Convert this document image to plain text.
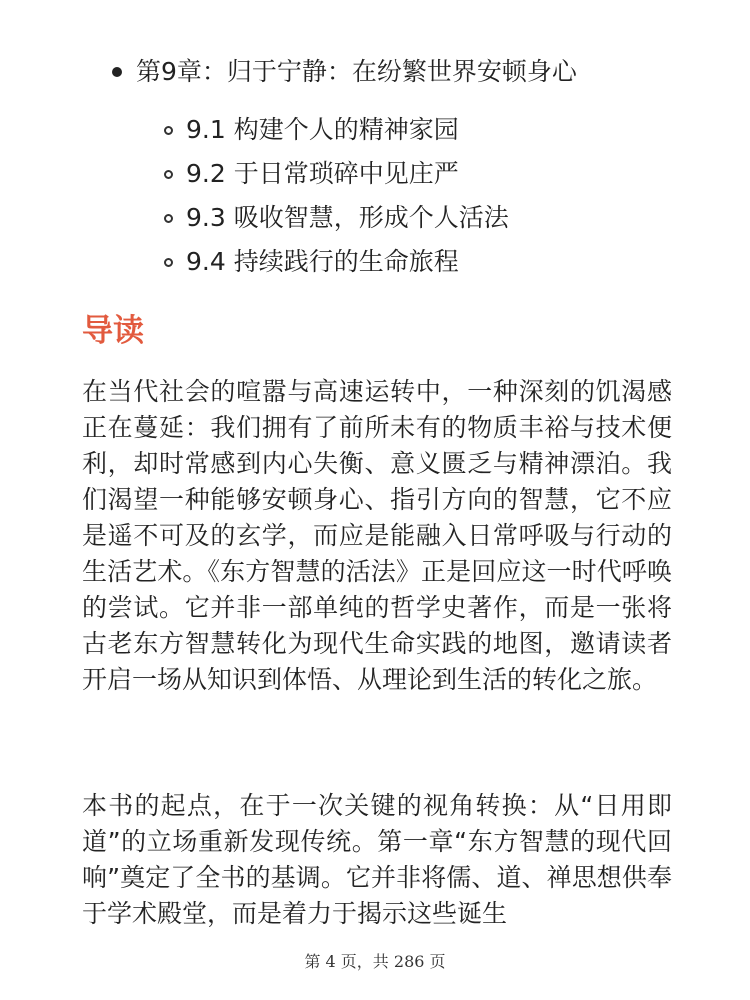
第9章：归于宁静：在纷繁世界安顿身心
9.1 构建个人的精神家园
9.2 于日常琐碎中见庄严
9.3 吸收智慧，形成个人活法
9.4 持续践行的生命旅程
导读

在当代社会的喧嚣与高速运转中，一种深刻的饥渴感正在蔓延：我们拥有了前所未有的物质丰裕与技术便利，却时常感到内心失衡、意义匮乏与精神漂泊。我们渴望一种能够安顿身心、指引方向的智慧，它不应是遥不可及的玄学，而应是能融入日常呼吸与行动的生活艺术。《东方智慧的活法》正是回应这一时代呼唤的尝试。它并非一部单纯的哲学史著作，而是一张将古老东方智慧转化为现代生命实践的地图，邀请读者开启一场从知识到体悟、从理论到生活的转化之旅。

本书的起点，在于一次关键的视角转换：从“日用即道”的立场重新发现传统。第一章“东方智慧的现代回响”奠定了全书的基调。它并非将儒、道、禅思想供奉于学术殿堂，而是着力于揭示这些诞生

第 4 页，共 286 页
